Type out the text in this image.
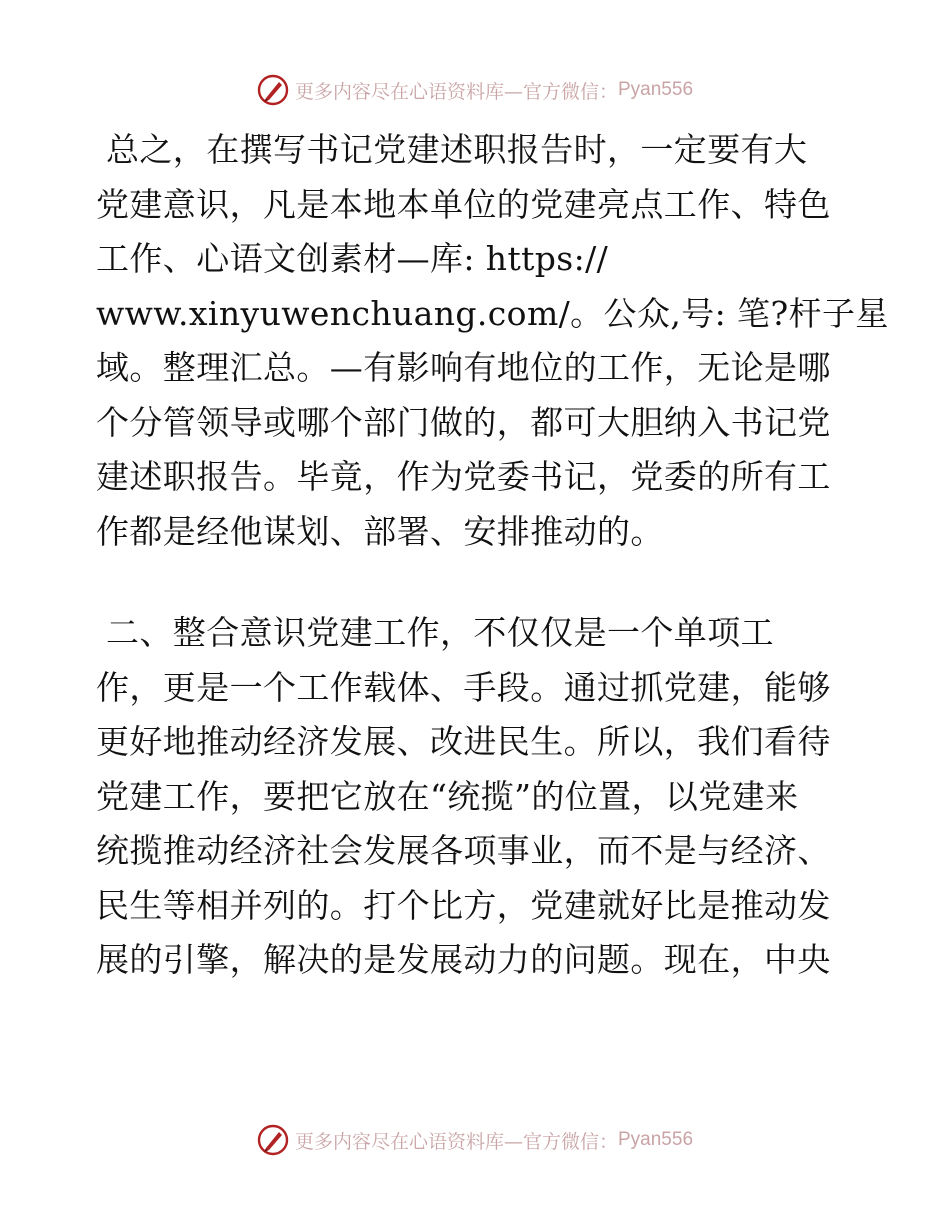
更多内容尽在心语资料库— 官方微信： Pyan556
总之，在撰写书记党建述职报告时，一定要有大
党建意识，凡是本地本单位的党建亮点工作、特色
工作、心语文创素材—库: https://
www.xinyuwenchuang.com/。公众,号: 笔?杆子星
域。整理汇总。—有影响有地位的工作，无论是哪
个分管领导或哪个部门做的，都可大胆纳入书记党
建述职报告。毕竟，作为党委书记，党委的所有工
作都是经他谋划、部署、安排推动的。
二、整合意识党建工作，不仅仅是一个单项工
作，更是一个工作载体、手段。通过抓党建，能够
更好地推动经济发展、改进民生。所以，我们看待
党建工作，要把它放在“统揽”的位置，以党建来
统揽推动经济社会发展各项事业，而不是与经济、
民生等相并列的。打个比方，党建就好比是推动发
展的引擎，解决的是发展动力的问题。现在，中央
更多内容尽在心语资料库— 官方微信： Pyan556
